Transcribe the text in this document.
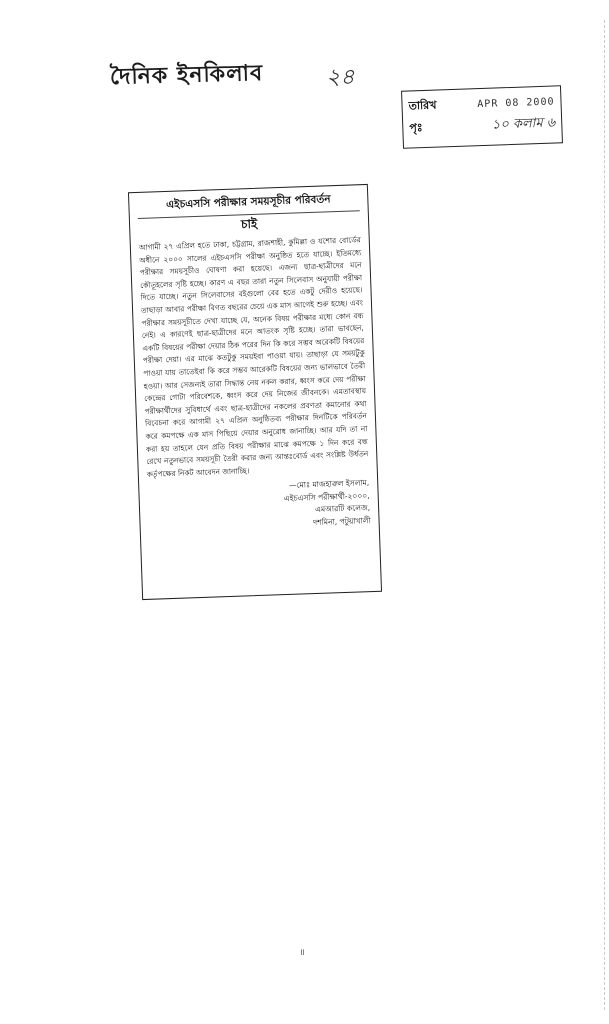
দৈনিক ইনকিলাব	২৪
তারিখ	APR 08 2000
পৃঃ	১০ কলাম ৬

এইচএসসি পরীক্ষার সময়সূচীর পরিবর্তন

চাই

আগামী ২৭ এপ্রিল হতে ঢাকা, চট্টগ্রাম, রাজশাহী, কুমিল্লা ও যশোর বোর্ডের অধীনে ২০০০ সালের এইচএসসি পরীক্ষা অনুষ্ঠিত হতে যাচ্ছে। ইতিমধ্যে পরীক্ষার সময়সূচীও ঘোষণা করা হয়েছে। এজন্য ছাত্র-ছাত্রীদের মনে কৌতূহলের সৃষ্টি হচ্ছে। কারণ এ বছর তারা নতুন সিলেবাস অনুযায়ী পরীক্ষা দিতে যাচ্ছে। নতুন সিলেবাসের বইগুলো বের হতে একটু দেরীও হয়েছে। তাছাড়া আবার পরীক্ষা বিগত বছরের চেয়ে এক মাস আগেই শুরু হচ্ছে। এবং পরীক্ষার সময়সূচীতে দেখা যাচ্ছে যে, অনেক বিষয় পরীক্ষার মধ্যে কোন বন্ধ নেই। এ কারণেই ছাত্র-ছাত্রীদের মনে আতংক সৃষ্টি হচ্ছে। তারা ভাবছেন, একটি বিষয়ের পরীক্ষা দেয়ার ঠিক পরের দিন কি করে সম্ভব অরেকটি বিষয়ের পরীক্ষা দেয়া। এর মাঝে কতটুকু সময়ইবা পাওয়া যায়। তাছাড়া যে সময়টুকু পাওয়া যায় তাতেইবা কি করে সম্ভব আরেকটি বিষয়ের জন্য ভালভাবে তৈরী হওয়া। আর সেজন্যই তারা সিদ্ধান্ত নেয় নকল করার, ধ্বংস করে দেয় পরীক্ষা কেন্দ্রের গোটা পরিবেশকে, ধ্বংস করে দেয় নিজের জীবনকে। এমতাবস্থায় পরীক্ষার্থীদের সুবিধার্থে এবং ছাত্র-ছাত্রীদের নকলের প্রবণতা কমানোর কথা বিবেচনা করে আগামী ২৭ এপ্রিল অনুষ্ঠিতব্য পরীক্ষার দিনটিকে পরিবর্তন করে কমপক্ষে এক মাস পিছিয়ে দেয়ার অনুরোধ জানাচ্ছি। আর যদি তা না করা হয় তাহলে যেন প্রতি বিষয় পরীক্ষার মাঝে কমপক্ষে ১ দিন করে বন্ধ রেখে নতুনভাবে সময়সূচী তৈরী করার জন্য আন্তঃবোর্ড এবং সংশ্লিষ্ট উর্ধতন কর্তৃপক্ষের নিকট আবেদন জানাচ্ছি।

—মোঃ মাজহারুল ইসলাম,
এইচএসসি পরীক্ষার্থী-২০০০,
এমআরটি কলেজ,
দশমিনা, পটুয়াখালী
॥
